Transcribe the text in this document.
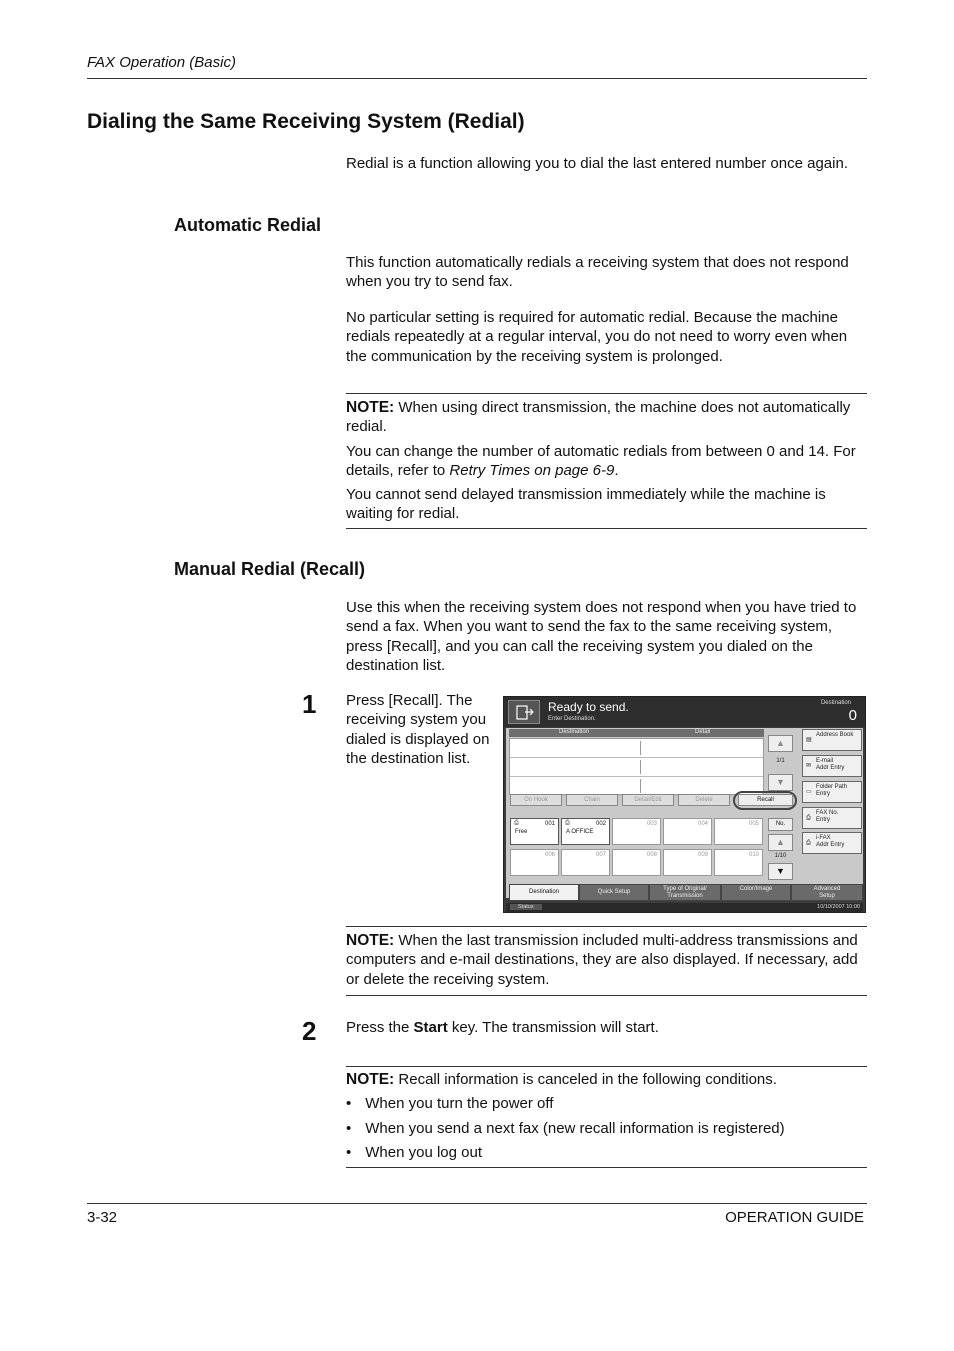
FAX Operation (Basic)
Dialing the Same Receiving System (Redial)
Redial is a function allowing you to dial the last entered number once again.
Automatic Redial
This function automatically redials a receiving system that does not respond when you try to send fax.
No particular setting is required for automatic redial. Because the machine redials repeatedly at a regular interval, you do not need to worry even when the communication by the receiving system is prolonged.
NOTE: When using direct transmission, the machine does not automatically redial.
You can change the number of automatic redials from between 0 and 14. For details, refer to Retry Times on page 6-9.
You cannot send delayed transmission immediately while the machine is waiting for redial.
Manual Redial (Recall)
Use this when the receiving system does not respond when you have tried to send a fax. When you want to send the fax to the same receiving system, press [Recall], and you can call the receiving system you dialed on the destination list.
1 Press [Recall]. The receiving system you dialed is displayed on the destination list.
Ready to send.
Enter Destination.
Destination
0
Destination	Detail
▲
1/1
▼
On Hook	Chain	Detail/Edit	Delete	Recall
⎙	001
Free
⎙	002
A OFFICE
003	004	005
006	007	008	009	010
No.
▲
1/10
▼
▤
Address Book
✉
E-mail
Addr Entry
▭
Folder Path
Entry
⎙
FAX No.
Entry
⎙
i-FAX
Addr Entry
Destination	Quick Setup	Type of Original/
Transmission
Color/Image	Advanced
Setup
Status	10/10/2007 10:00
NOTE: When the last transmission included multi-address transmissions and computers and e-mail destinations, they are also displayed. If necessary, add or delete the receiving system.
2 Press the Start key. The transmission will start.
NOTE: Recall information is canceled in the following conditions.
• When you turn the power off
• When you send a next fax (new recall information is registered)
• When you log out
3-32	OPERATION GUIDE
